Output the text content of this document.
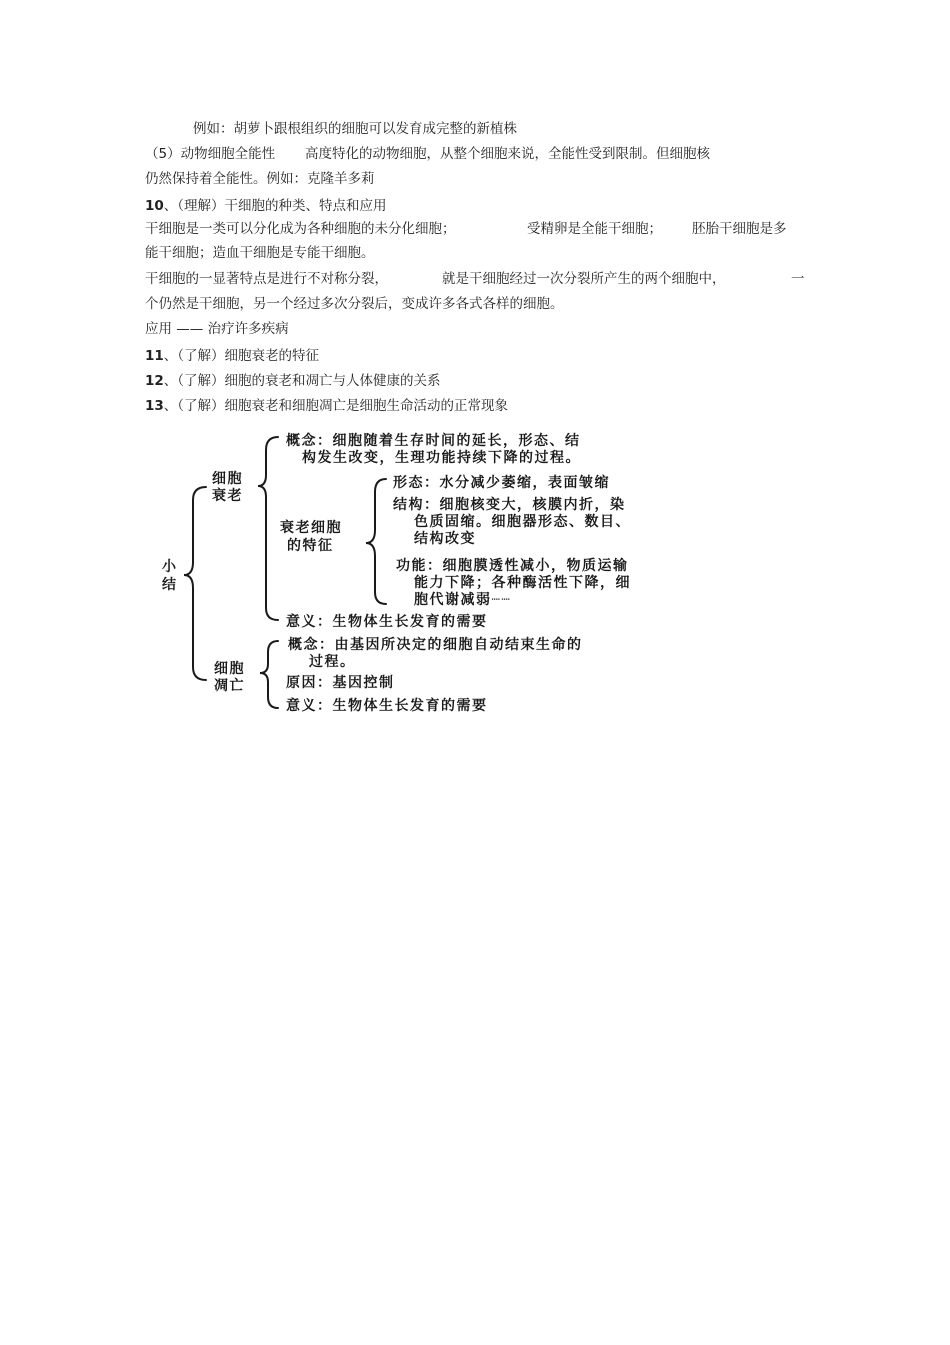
例如：胡萝卜跟根组织的细胞可以发育成完整的新植株
（5）动物细胞全能性 高度特化的动物细胞，从整个细胞来说，全能性受到限制。但细胞核
仍然保持着全能性。例如：克隆羊多莉
10、（理解）干细胞的种类、特点和应用
干细胞是一类可以分化成为各种细胞的未分化细胞；	受精卵是全能干细胞； 胚胎干细胞是多
能干细胞；造血干细胞是专能干细胞。
干细胞的一显著特点是进行不对称分裂，	就是干细胞经过一次分裂所产生的两个细胞中，	一
个仍然是干细胞，另一个经过多次分裂后，变成许多各式各样的细胞。
应用 —— 治疗许多疾病
11、（了解）细胞衰老的特征
12、（了解）细胞的衰老和凋亡与人体健康的关系
13、（了解）细胞衰老和细胞凋亡是细胞生命活动的正常现象
小
结
细胞
衰老
概念：细胞随着生存时间的延长，形态、结
构发生改变，生理功能持续下降的过程。
衰老细胞
的特征
形态：水分减少萎缩，表面皱缩
结构：细胞核变大，核膜内折，染
色质固缩。细胞器形态、数目、
结构改变
功能：细胞膜透性减小，物质运输
能力下降；各种酶活性下降，细
胞代谢减弱┈┈
意义：生物体生长发育的需要
细胞
凋亡
概念：由基因所决定的细胞自动结束生命的
过程。
原因：基因控制
意义：生物体生长发育的需要
